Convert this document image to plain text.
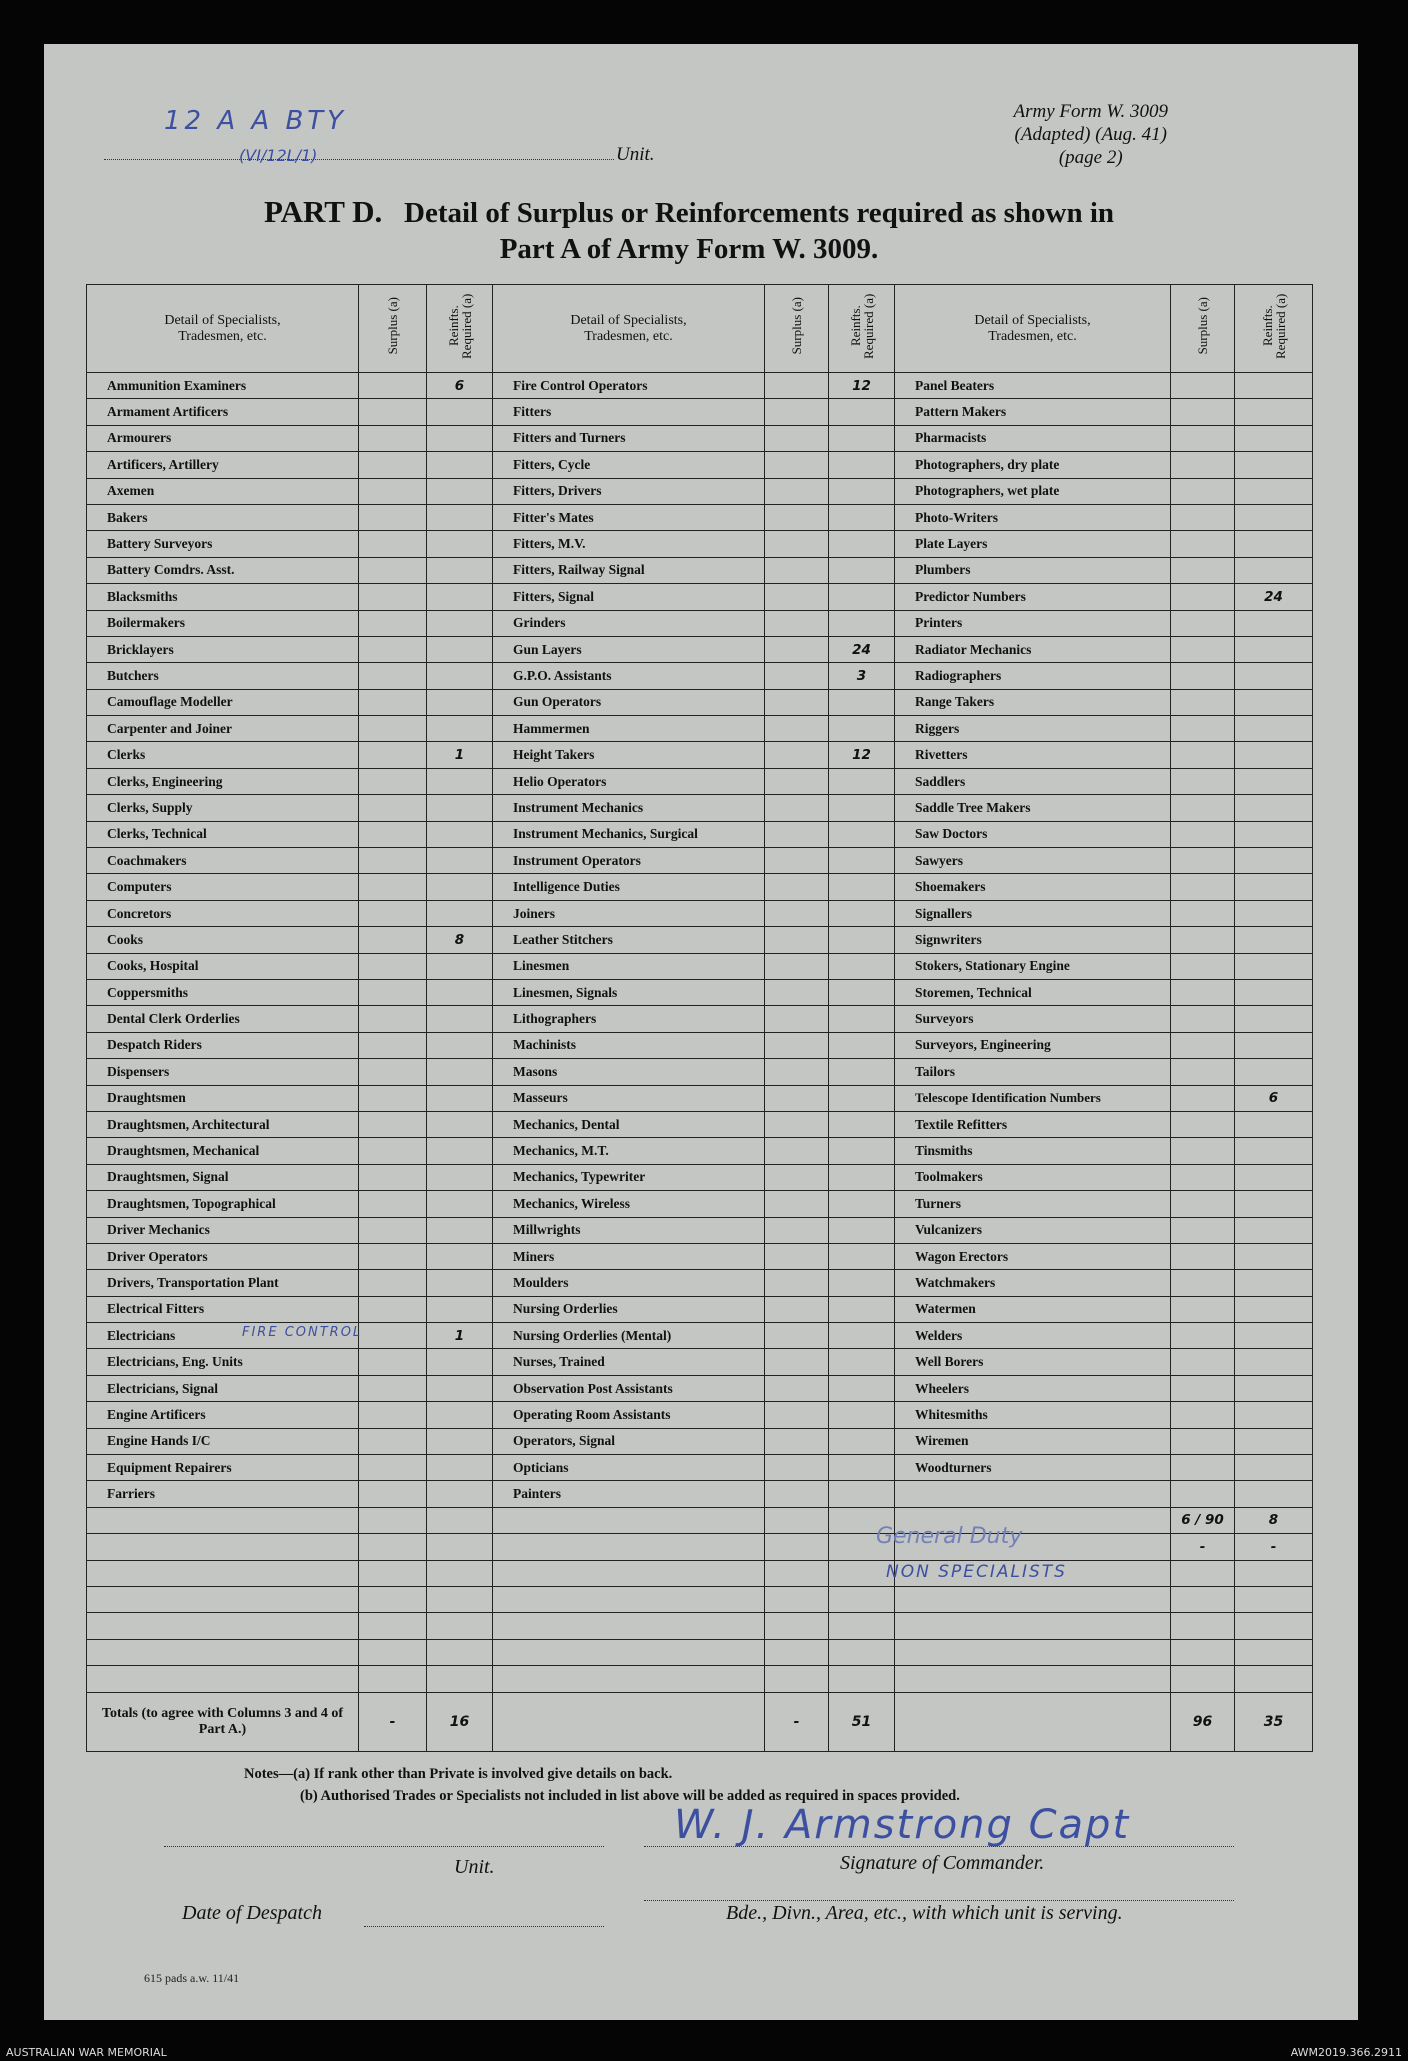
Army Form W. 3009
(Adapted) (Aug. 41)
(page 2)
12 A A BTY
(VI/12L/1)	Unit.
PART D. Detail of Surplus or Reinforcements required as shown in
Part A of Army Form W. 3009.
Detail of Specialists, Tradesmen, etc.	Surplus (a)	Reinfts. Required (a)	Detail of Specialists, Tradesmen, etc.	Surplus (a)	Reinfts. Required (a)	Detail of Specialists, Tradesmen, etc.	Surplus (a)	Reinfts. Required (a)
Ammunition Examiners		6	Fire Control Operators		12	Panel Beaters		
Armament Artificers			Fitters			Pattern Makers		
Armourers			Fitters and Turners			Pharmacists		
Artificers, Artillery			Fitters, Cycle			Photographers, dry plate		
Axemen			Fitters, Drivers			Photographers, wet plate		
Bakers			Fitter's Mates			Photo-Writers		
Battery Surveyors			Fitters, M.V.			Plate Layers		
Battery Comdrs. Asst.			Fitters, Railway Signal			Plumbers		
Blacksmiths			Fitters, Signal			Predictor Numbers		24
Boilermakers			Grinders			Printers		
Bricklayers			Gun Layers		24	Radiator Mechanics		
Butchers			G.P.O. Assistants		3	Radiographers		
Camouflage Modeller			Gun Operators			Range Takers		
Carpenter and Joiner			Hammermen			Riggers		
Clerks		1	Height Takers		12	Rivetters		
Clerks, Engineering			Helio Operators			Saddlers		
Clerks, Supply			Instrument Mechanics			Saddle Tree Makers		
Clerks, Technical			Instrument Mechanics, Surgical			Saw Doctors		
Coachmakers			Instrument Operators			Sawyers		
Computers			Intelligence Duties			Shoemakers		
Concretors			Joiners			Signallers		
Cooks		8	Leather Stitchers			Signwriters		
Cooks, Hospital			Linesmen			Stokers, Stationary Engine		
Coppersmiths			Linesmen, Signals			Storemen, Technical		
Dental Clerk Orderlies			Lithographers			Surveyors		
Despatch Riders			Machinists			Surveyors, Engineering		
Dispensers			Masons			Tailors		
Draughtsmen			Masseurs			Telescope Identification Numbers		6
Draughtsmen, Architectural			Mechanics, Dental			Textile Refitters		
Draughtsmen, Mechanical			Mechanics, M.T.			Tinsmiths		
Draughtsmen, Signal			Mechanics, Typewriter			Toolmakers		
Draughtsmen, Topographical			Mechanics, Wireless			Turners		
Driver Mechanics			Millwrights			Vulcanizers		
Driver Operators			Miners			Wagon Erectors		
Drivers, Transportation Plant			Moulders			Watchmakers		
Electrical Fitters			Nursing Orderlies			Watermen		
Electricians		1	Nursing Orderlies (Mental)			Welders		
Electricians, Eng. Units			Nurses, Trained			Well Borers		
Electricians, Signal			Observation Post Assistants			Wheelers		
Engine Artificers			Operating Room Assistants			Whitesmiths		
Engine Hands I/C			Operators, Signal			Wiremen		
Equipment Repairers			Opticians			Woodturners		
Farriers			Painters					
							6 / 90	8
							-	-

Totals (to agree with Columns 3 and 4 of Part A.)	-	16		-	51		96	35
FIRE CONTROL
General Duty
NON SPECIALISTS
Notes—(a) If rank other than Private is involved give details on back.
(b) Authorised Trades or Specialists not included in list above will be added as required in spaces provided.
W. J. Armstrong Capt
Unit.	Signature of Commander.
Date of Despatch	Bde., Divn., Area, etc., with which unit is serving.
615 pads a.w. 11/41
AUSTRALIAN WAR MEMORIAL	AWM2019.366.2911
